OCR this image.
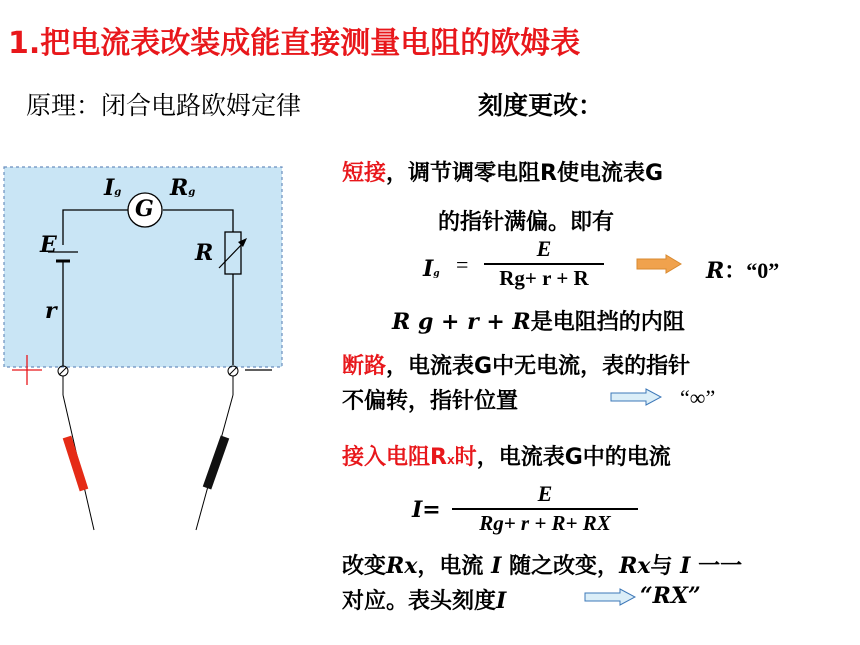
1.把电流表改装成能直接测量电阻的欧姆表
原理：闭合电路欧姆定律	刻度更改：
Ig
G
Rg
E	R
r
短接，调节调零电阻R使电流表G
的指针满偏。即有
Ig =
E
Rg+ r + R	R：“0”
R g + r + R是电阻挡的内阻
断路，电流表G中无电流，表的指针
不偏转，指针位置	“∞”
接入电阻RX时，电流表G中的电流
I=
E
Rg+ r + R+ RX
改变Rx，电流 I 随之改变，Rx与 I 一一
对应。表头刻度I	“RX”
